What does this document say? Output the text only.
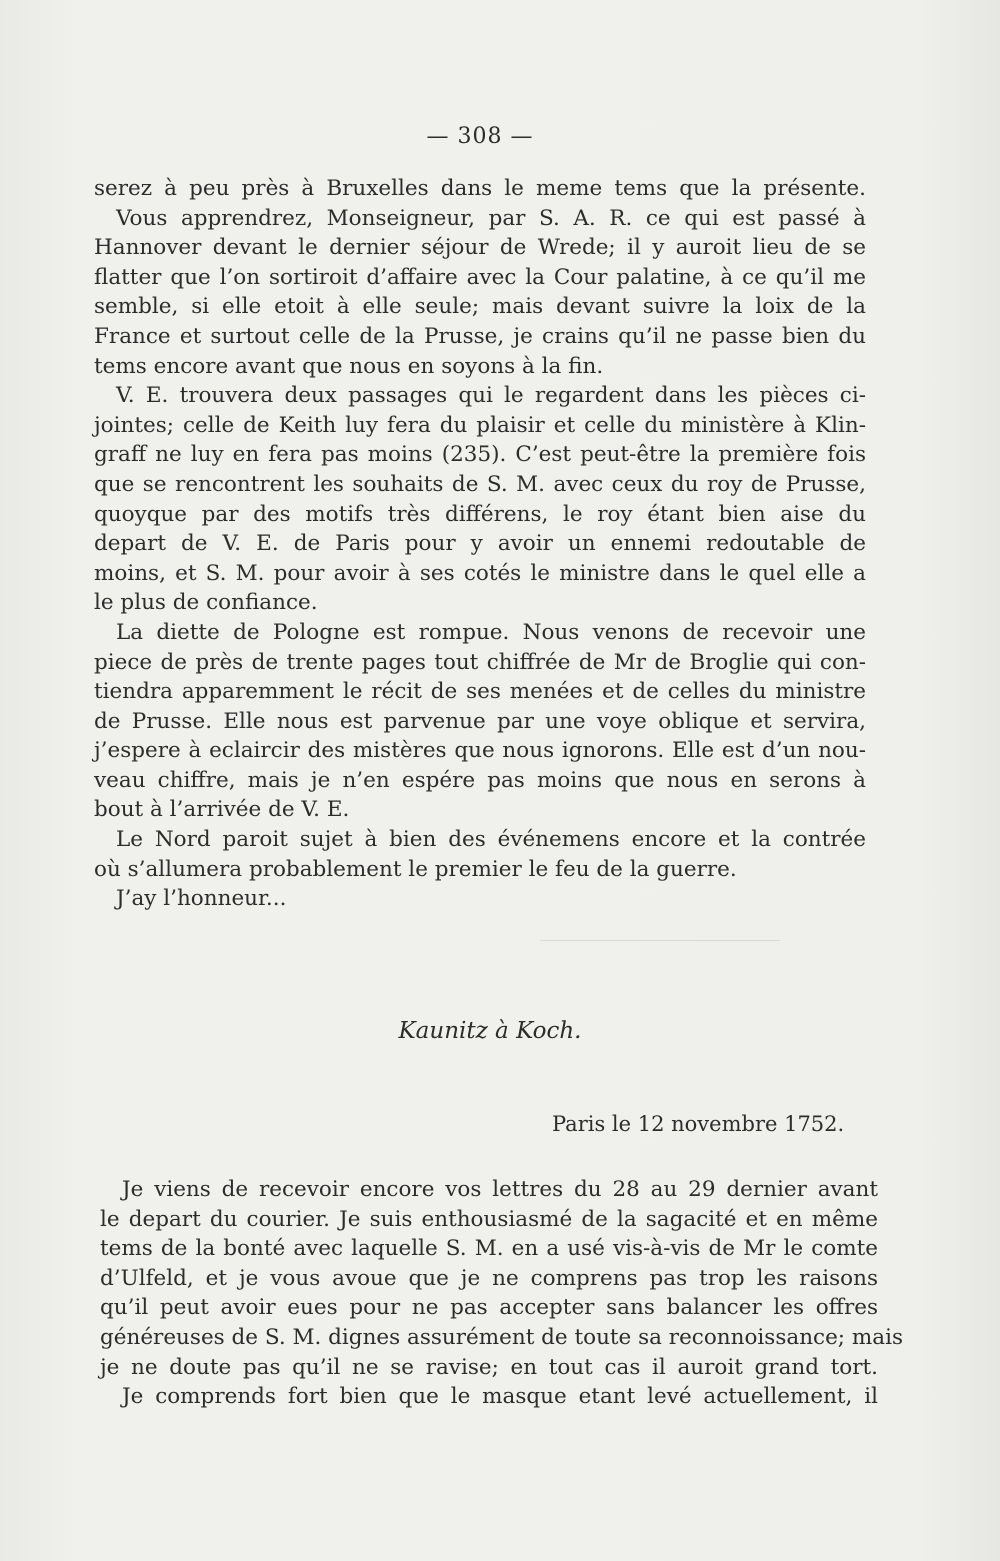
— 308 —
serez à peu près à Bruxelles dans le meme tems que la présente.
Vous apprendrez, Monseigneur, par S. A. R. ce qui est passé à
Hannover devant le dernier séjour de Wrede; il y auroit lieu de se
flatter que l’on sortiroit d’affaire avec la Cour palatine, à ce qu’il me
semble, si elle etoit à elle seule; mais devant suivre la loix de la
France et surtout celle de la Prusse, je crains qu’il ne passe bien du
tems encore avant que nous en soyons à la fin.
V. E. trouvera deux passages qui le regardent dans les pièces ci-
jointes; celle de Keith luy fera du plaisir et celle du ministère à Klin-
graff ne luy en fera pas moins (235). C’est peut-être la première fois
que se rencontrent les souhaits de S. M. avec ceux du roy de Prusse,
quoyque par des motifs très différens, le roy étant bien aise du
depart de V. E. de Paris pour y avoir un ennemi redoutable de
moins, et S. M. pour avoir à ses cotés le ministre dans le quel elle a
le plus de confiance.
La diette de Pologne est rompue. Nous venons de recevoir une
piece de près de trente pages tout chiffrée de Mr de Broglie qui con-
tiendra apparemment le récit de ses menées et de celles du ministre
de Prusse. Elle nous est parvenue par une voye oblique et servira,
j’espere à eclaircir des mistères que nous ignorons. Elle est d’un nou-
veau chiffre, mais je n’en espére pas moins que nous en serons à
bout à l’arrivée de V. E.
Le Nord paroit sujet à bien des événemens encore et la contrée
où s’allumera probablement le premier le feu de la guerre.
J’ay l’honneur...
Kaunitz à Koch.
Paris le 12 novembre 1752.
Je viens de recevoir encore vos lettres du 28 au 29 dernier avant
le depart du courier. Je suis enthousiasmé de la sagacité et en même
tems de la bonté avec laquelle S. M. en a usé vis-à-vis de Mr le comte
d’Ulfeld, et je vous avoue que je ne comprens pas trop les raisons
qu’il peut avoir eues pour ne pas accepter sans balancer les offres
généreuses de S. M. dignes assurément de toute sa reconnoissance; mais
je ne doute pas qu’il ne se ravise; en tout cas il auroit grand tort.
Je comprends fort bien que le masque etant levé actuellement, il
